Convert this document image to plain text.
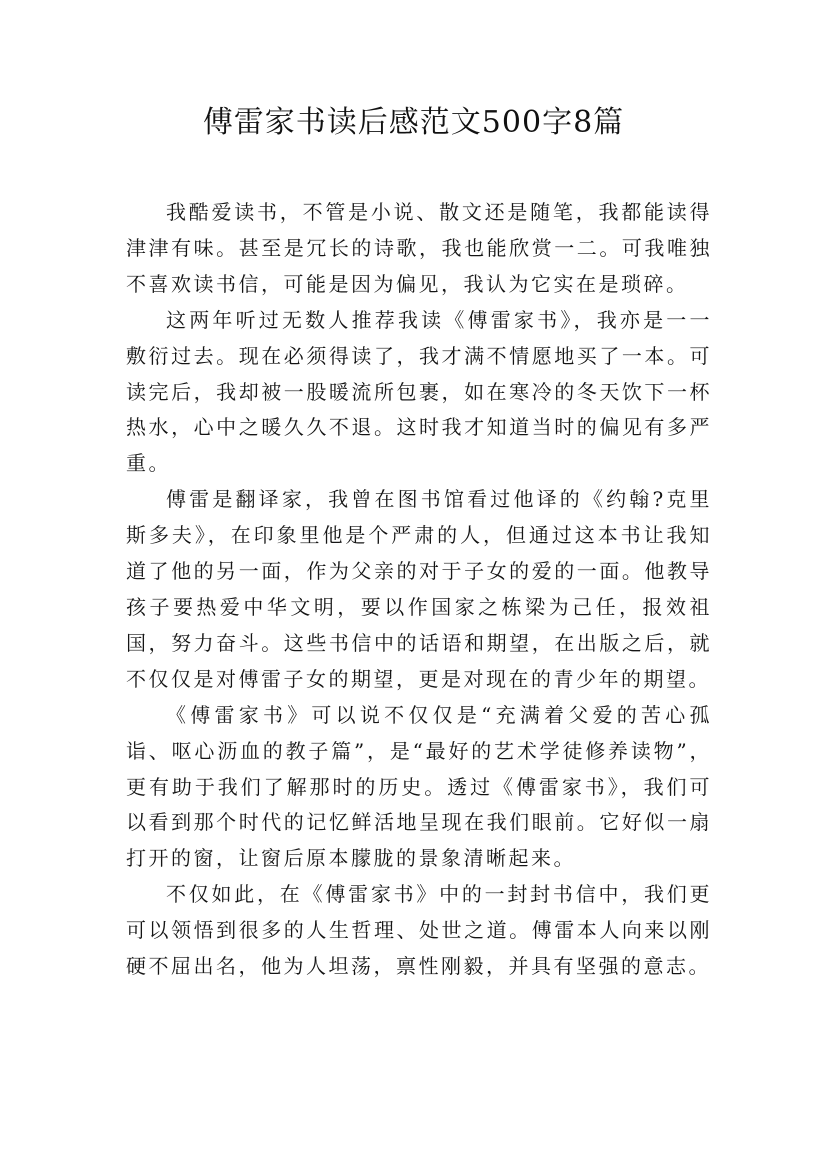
傅雷家书读后感范文500字8篇

我酷爱读书，不管是小说、散文还是随笔，我都能读得津津有味。甚至是冗长的诗歌，我也能欣赏一二。可我唯独不喜欢读书信，可能是因为偏见，我认为它实在是琐碎。

这两年听过无数人推荐我读《傅雷家书》，我亦是一一敷衍过去。现在必须得读了，我才满不情愿地买了一本。可读完后，我却被一股暖流所包裹，如在寒冷的冬天饮下一杯热水，心中之暖久久不退。这时我才知道当时的偏见有多严重。

傅雷是翻译家，我曾在图书馆看过他译的《约翰?克里斯多夫》，在印象里他是个严肃的人，但通过这本书让我知道了他的另一面，作为父亲的对于子女的爱的一面。他教导孩子要热爱中华文明，要以作国家之栋梁为己任，报效祖国，努力奋斗。这些书信中的话语和期望，在出版之后，就不仅仅是对傅雷子女的期望，更是对现在的青少年的期望。

《傅雷家书》可以说不仅仅是“充满着父爱的苦心孤诣、呕心沥血的教子篇”，是“最好的艺术学徒修养读物”，更有助于我们了解那时的历史。透过《傅雷家书》，我们可以看到那个时代的记忆鲜活地呈现在我们眼前。它好似一扇打开的窗，让窗后原本朦胧的景象清晰起来。

不仅如此，在《傅雷家书》中的一封封书信中，我们更可以领悟到很多的人生哲理、处世之道。傅雷本人向来以刚硬不屈出名，他为人坦荡，禀性刚毅，并具有坚强的意志。
